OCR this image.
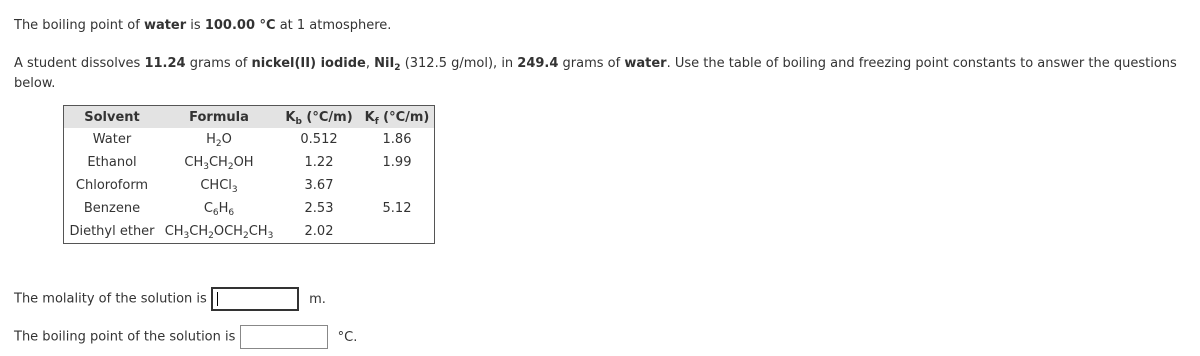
The boiling point of water is 100.00 °C at 1 atmosphere.
A student dissolves 11.24 grams of nickel(II) iodide, NiI$_2$ (312.5 g/mol), in 249.4 grams of water. Use the table of boiling and freezing point constants to answer the questions below.
Solvent	Formula	$K_b$ (°C/m)	$K_f$ (°C/m)
Water	$H_2O$	0.512	1.86
Ethanol	$CH_3CH_2OH$	1.22	1.99
Chloroform	CHCl$_3$	3.67	
Benzene	$C_6H_6$	2.53	5.12
Diethyl ether	$CH_3CH_2OCH_2CH_3$	2.02	
The molality of the solution is	m.
The boiling point of the solution is	°C.
